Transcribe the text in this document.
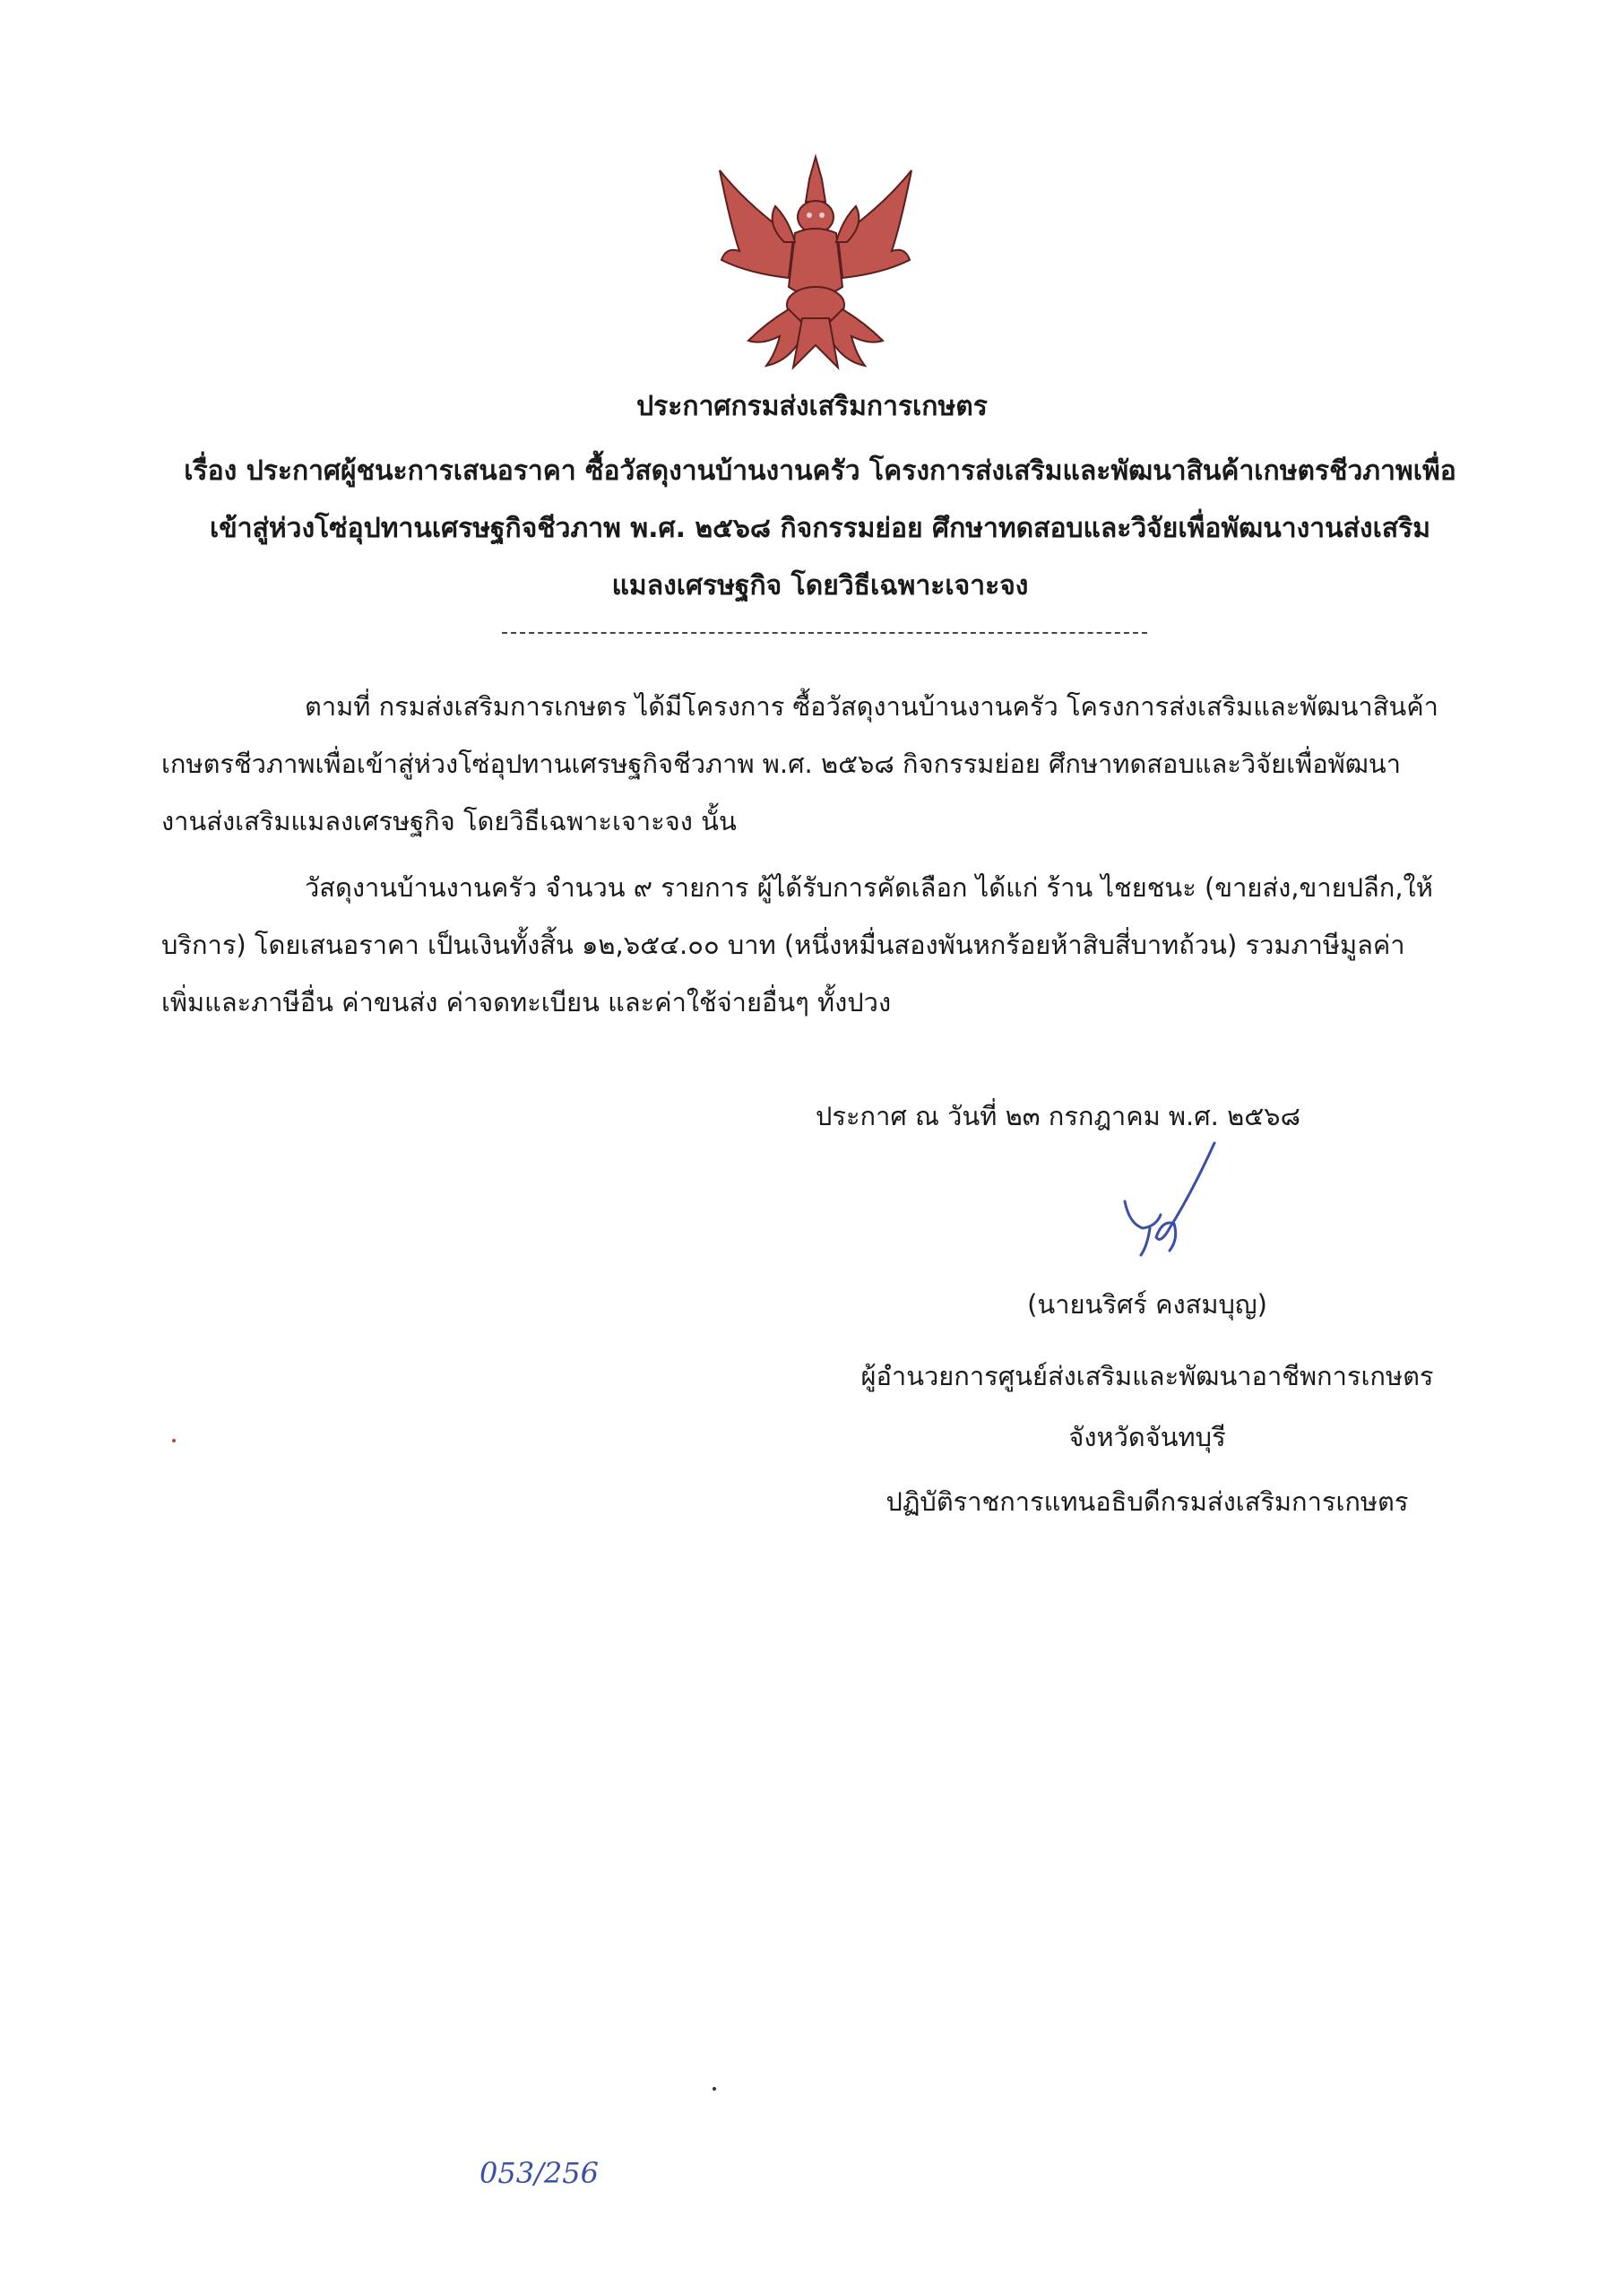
ประกาศกรมส่งเสริมการเกษตร
เรื่อง ประกาศผู้ชนะการเสนอราคา ซื้อวัสดุงานบ้านงานครัว โครงการส่งเสริมและพัฒนาสินค้าเกษตรชีวภาพเพื่อ
เข้าสู่ห่วงโซ่อุปทานเศรษฐกิจชีวภาพ พ.ศ. ๒๕๖๘ กิจกรรมย่อย ศึกษาทดสอบและวิจัยเพื่อพัฒนางานส่งเสริม
แมลงเศรษฐกิจ โดยวิธีเฉพาะเจาะจง
ตามที่ กรมส่งเสริมการเกษตร ได้มีโครงการ ซื้อวัสดุงานบ้านงานครัว โครงการส่งเสริมและพัฒนาสินค้า
เกษตรชีวภาพเพื่อเข้าสู่ห่วงโซ่อุปทานเศรษฐกิจชีวภาพ พ.ศ. ๒๕๖๘ กิจกรรมย่อย ศึกษาทดสอบและวิจัยเพื่อพัฒนา
งานส่งเสริมแมลงเศรษฐกิจ โดยวิธีเฉพาะเจาะจง นั้น
วัสดุงานบ้านงานครัว จำนวน ๙ รายการ ผู้ได้รับการคัดเลือก ได้แก่ ร้าน ไชยชนะ (ขายส่ง,ขายปลีก,ให้
บริการ) โดยเสนอราคา เป็นเงินทั้งสิ้น ๑๒,๖๕๔.๐๐ บาท (หนึ่งหมื่นสองพันหกร้อยห้าสิบสี่บาทถ้วน) รวมภาษีมูลค่า
เพิ่มและภาษีอื่น ค่าขนส่ง ค่าจดทะเบียน และค่าใช้จ่ายอื่นๆ ทั้งปวง
ประกาศ ณ วันที่ ๒๓ กรกฎาคม พ.ศ. ๒๕๖๘
(นายนริศร์ คงสมบุญ)
ผู้อำนวยการศูนย์ส่งเสริมและพัฒนาอาชีพการเกษตร
จังหวัดจันทบุรี
ปฏิบัติราชการแทนอธิบดีกรมส่งเสริมการเกษตร
053/256
